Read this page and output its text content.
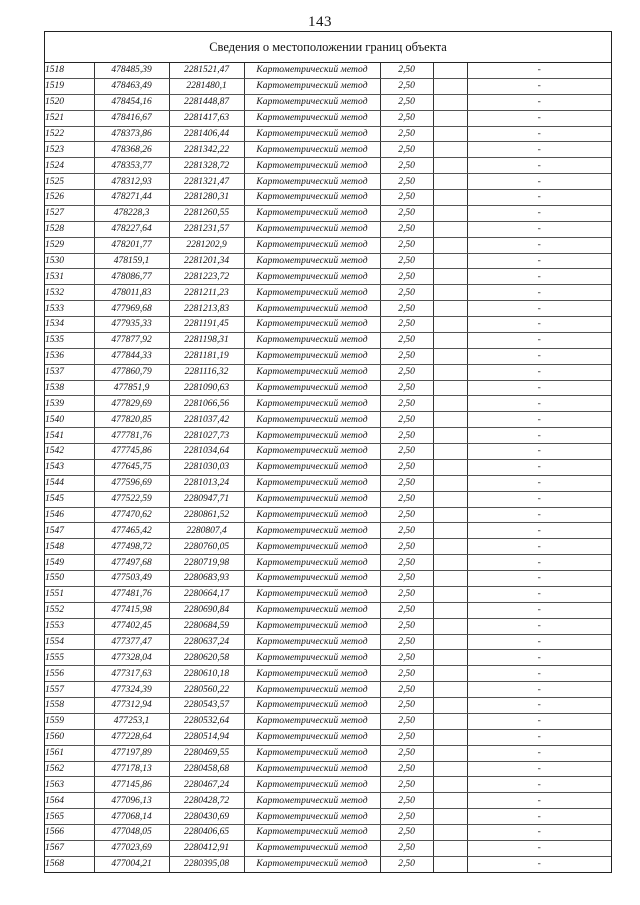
143
Сведения о местоположении границ объекта
1518	478485,39	2281521,47	Картометрический метод	2,50		-
1519	478463,49	2281480,1	Картометрический метод	2,50		-
1520	478454,16	2281448,87	Картометрический метод	2,50		-
1521	478416,67	2281417,63	Картометрический метод	2,50		-
1522	478373,86	2281406,44	Картометрический метод	2,50		-
1523	478368,26	2281342,22	Картометрический метод	2,50		-
1524	478353,77	2281328,72	Картометрический метод	2,50		-
1525	478312,93	2281321,47	Картометрический метод	2,50		-
1526	478271,44	2281280,31	Картометрический метод	2,50		-
1527	478228,3	2281260,55	Картометрический метод	2,50		-
1528	478227,64	2281231,57	Картометрический метод	2,50		-
1529	478201,77	2281202,9	Картометрический метод	2,50		-
1530	478159,1	2281201,34	Картометрический метод	2,50		-
1531	478086,77	2281223,72	Картометрический метод	2,50		-
1532	478011,83	2281211,23	Картометрический метод	2,50		-
1533	477969,68	2281213,83	Картометрический метод	2,50		-
1534	477935,33	2281191,45	Картометрический метод	2,50		-
1535	477877,92	2281198,31	Картометрический метод	2,50		-
1536	477844,33	2281181,19	Картометрический метод	2,50		-
1537	477860,79	2281116,32	Картометрический метод	2,50		-
1538	477851,9	2281090,63	Картометрический метод	2,50		-
1539	477829,69	2281066,56	Картометрический метод	2,50		-
1540	477820,85	2281037,42	Картометрический метод	2,50		-
1541	477781,76	2281027,73	Картометрический метод	2,50		-
1542	477745,86	2281034,64	Картометрический метод	2,50		-
1543	477645,75	2281030,03	Картометрический метод	2,50		-
1544	477596,69	2281013,24	Картометрический метод	2,50		-
1545	477522,59	2280947,71	Картометрический метод	2,50		-
1546	477470,62	2280861,52	Картометрический метод	2,50		-
1547	477465,42	2280807,4	Картометрический метод	2,50		-
1548	477498,72	2280760,05	Картометрический метод	2,50		-
1549	477497,68	2280719,98	Картометрический метод	2,50		-
1550	477503,49	2280683,93	Картометрический метод	2,50		-
1551	477481,76	2280664,17	Картометрический метод	2,50		-
1552	477415,98	2280690,84	Картометрический метод	2,50		-
1553	477402,45	2280684,59	Картометрический метод	2,50		-
1554	477377,47	2280637,24	Картометрический метод	2,50		-
1555	477328,04	2280620,58	Картометрический метод	2,50		-
1556	477317,63	2280610,18	Картометрический метод	2,50		-
1557	477324,39	2280560,22	Картометрический метод	2,50		-
1558	477312,94	2280543,57	Картометрический метод	2,50		-
1559	477253,1	2280532,64	Картометрический метод	2,50		-
1560	477228,64	2280514,94	Картометрический метод	2,50		-
1561	477197,89	2280469,55	Картометрический метод	2,50		-
1562	477178,13	2280458,68	Картометрический метод	2,50		-
1563	477145,86	2280467,24	Картометрический метод	2,50		-
1564	477096,13	2280428,72	Картометрический метод	2,50		-
1565	477068,14	2280430,69	Картометрический метод	2,50		-
1566	477048,05	2280406,65	Картометрический метод	2,50		-
1567	477023,69	2280412,91	Картометрический метод	2,50		-
1568	477004,21	2280395,08	Картометрический метод	2,50		-
